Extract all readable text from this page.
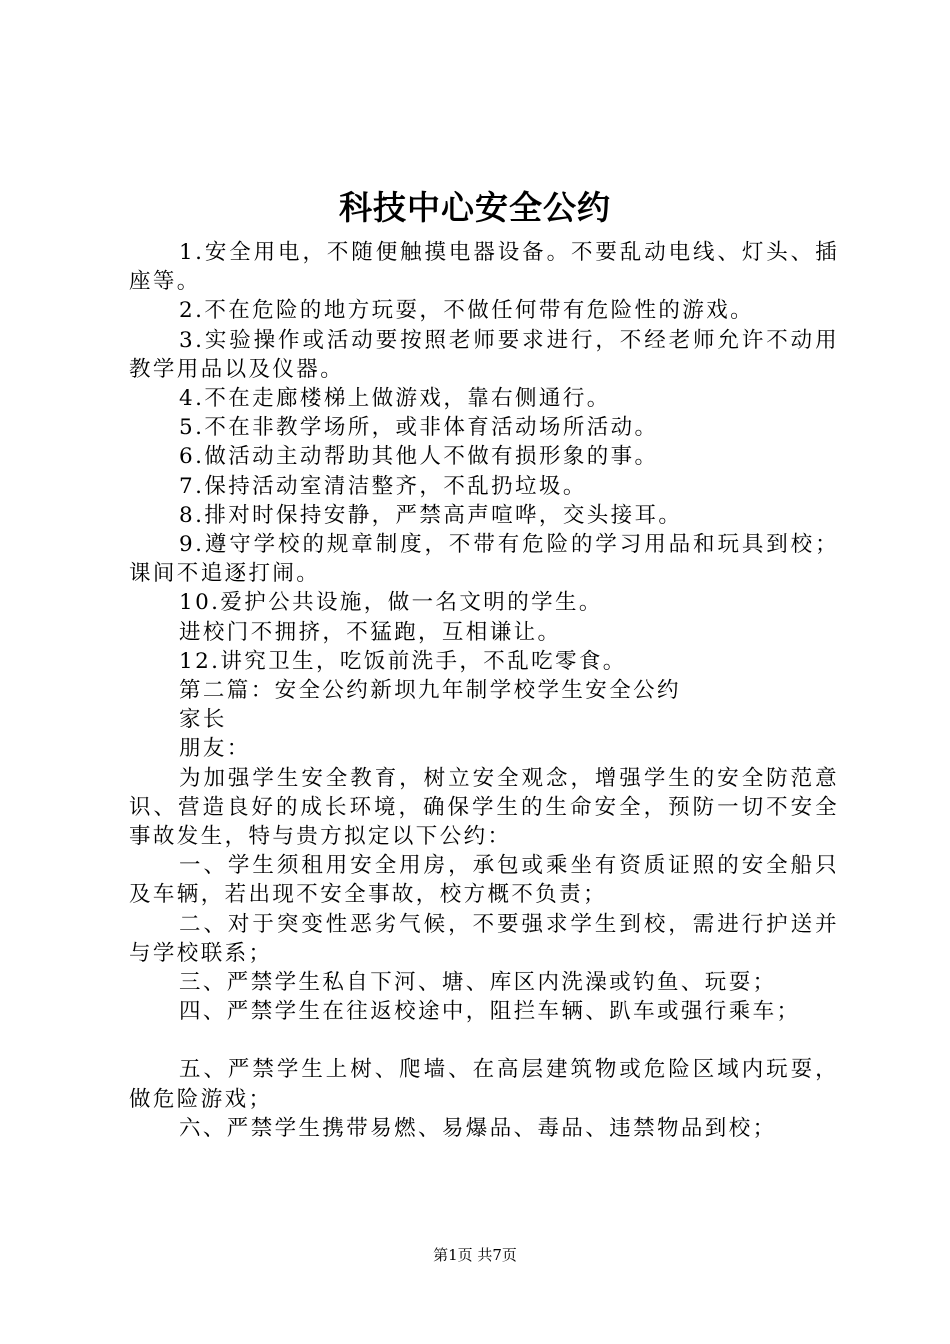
科技中心安全公约

1.安全用电，不随便触摸电器设备。不要乱动电线、灯头、插座等。

2.不在危险的地方玩耍，不做任何带有危险性的游戏。

3.实验操作或活动要按照老师要求进行，不经老师允许不动用教学用品以及仪器。

4.不在走廊楼梯上做游戏，靠右侧通行。

5.不在非教学场所，或非体育活动场所活动。

6.做活动主动帮助其他人不做有损形象的事。

7.保持活动室清洁整齐，不乱扔垃圾。

8.排对时保持安静，严禁高声喧哗，交头接耳。

9.遵守学校的规章制度，不带有危险的学习用品和玩具到校；课间不追逐打闹。

10.爱护公共设施，做一名文明的学生。

进校门不拥挤，不猛跑，互相谦让。

12.讲究卫生，吃饭前洗手，不乱吃零食。

第二篇：安全公约新坝九年制学校学生安全公约

家长

朋友：

为加强学生安全教育，树立安全观念，增强学生的安全防范意识、营造良好的成长环境，确保学生的生命安全，预防一切不安全事故发生，特与贵方拟定以下公约：

一、学生须租用安全用房，承包或乘坐有资质证照的安全船只及车辆，若出现不安全事故，校方概不负责；

二、对于突变性恶劣气候，不要强求学生到校，需进行护送并与学校联系；

三、严禁学生私自下河、塘、库区内洗澡或钓鱼、玩耍；

四、严禁学生在往返校途中，阻拦车辆、趴车或强行乘车；

五、严禁学生上树、爬墙、在高层建筑物或危险区域内玩耍，做危险游戏；

六、严禁学生携带易燃、易爆品、毒品、违禁物品到校；

第1页 共7页
